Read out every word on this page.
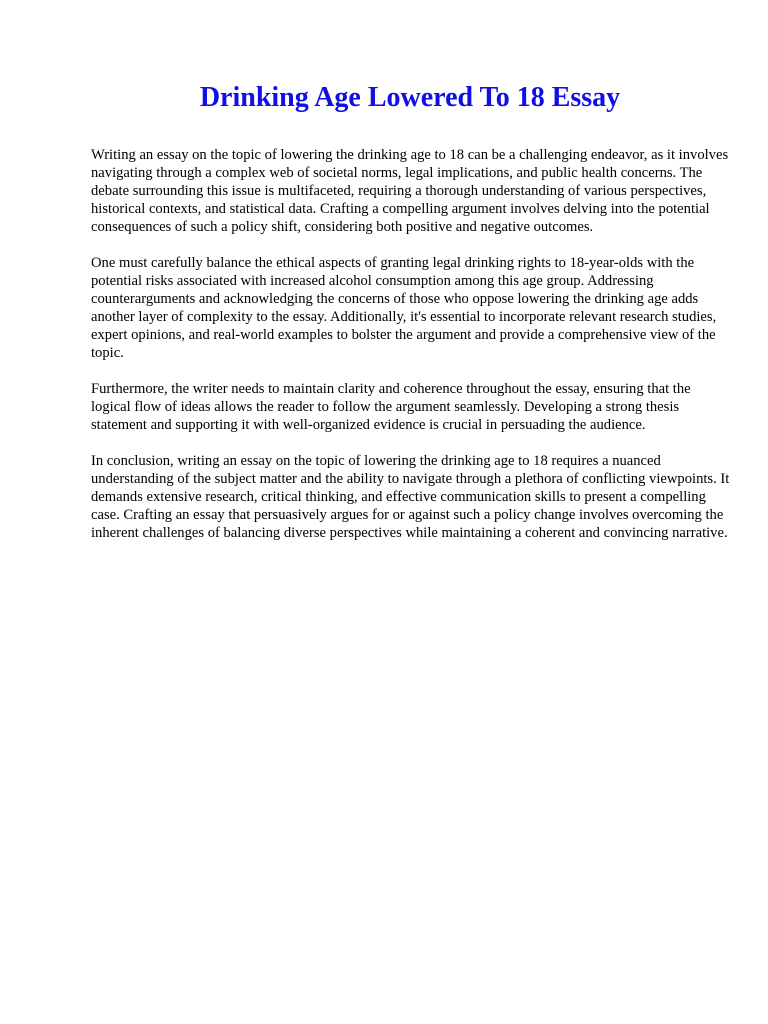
Drinking Age Lowered To 18 Essay

Writing an essay on the topic of lowering the drinking age to 18 can be a challenging endeavor, as it involves navigating through a complex web of societal norms, legal implications, and public health concerns. The debate surrounding this issue is multifaceted, requiring a thorough understanding of various perspectives, historical contexts, and statistical data. Crafting a compelling argument involves delving into the potential consequences of such a policy shift, considering both positive and negative outcomes.

One must carefully balance the ethical aspects of granting legal drinking rights to 18-year-olds with the potential risks associated with increased alcohol consumption among this age group. Addressing counterarguments and acknowledging the concerns of those who oppose lowering the drinking age adds another layer of complexity to the essay. Additionally, it's essential to incorporate relevant research studies, expert opinions, and real-world examples to bolster the argument and provide a comprehensive view of the topic.

Furthermore, the writer needs to maintain clarity and coherence throughout the essay, ensuring that the logical flow of ideas allows the reader to follow the argument seamlessly. Developing a strong thesis statement and supporting it with well-organized evidence is crucial in persuading the audience.

In conclusion, writing an essay on the topic of lowering the drinking age to 18 requires a nuanced understanding of the subject matter and the ability to navigate through a plethora of conflicting viewpoints. It demands extensive research, critical thinking, and effective communication skills to present a compelling case. Crafting an essay that persuasively argues for or against such a policy change involves overcoming the inherent challenges of balancing diverse perspectives while maintaining a coherent and convincing narrative.
